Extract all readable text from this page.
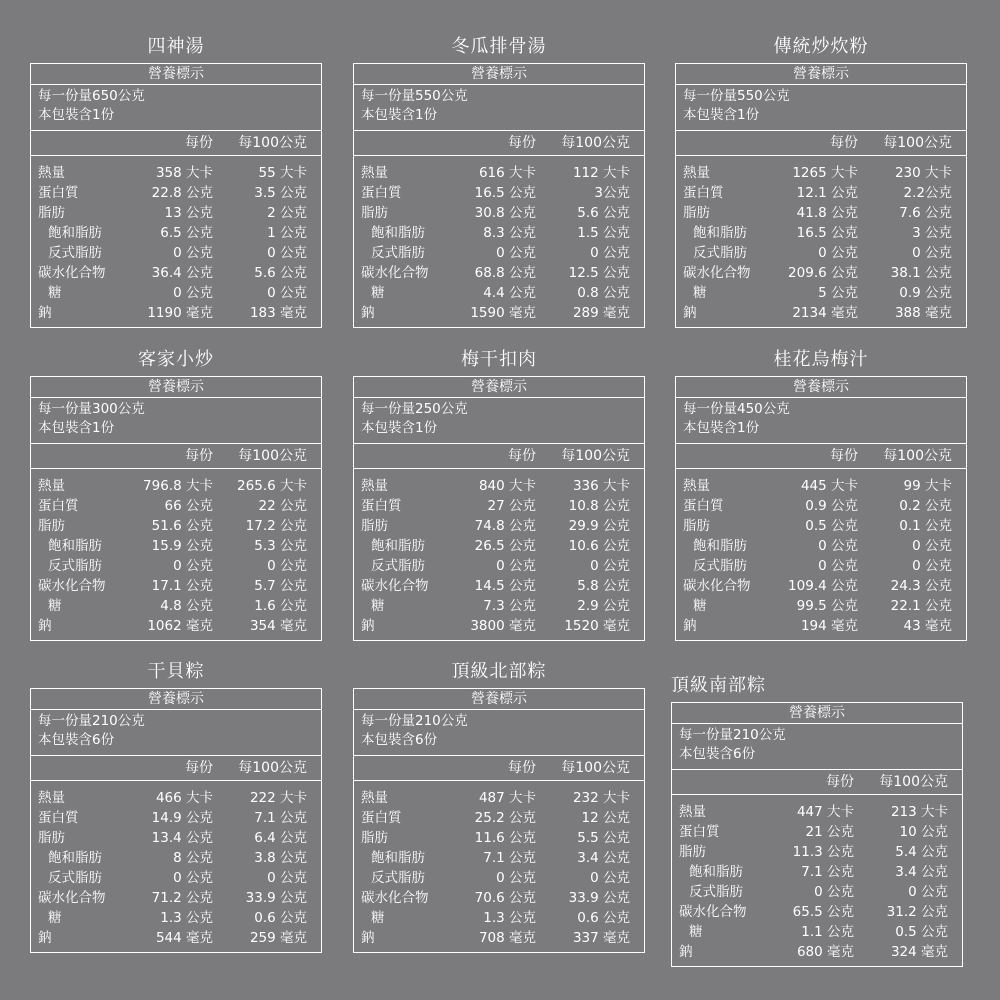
四神湯
營養標示
每一份量650公克
本包裝含1份
每份 每100公克
熱量	358 大卡	55 大卡
蛋白質	22.8 公克	3.5 公克
脂肪	13 公克	2 公克
飽和脂肪	6.5 公克	1 公克
反式脂肪	0 公克	0 公克
碳水化合物	36.4 公克	5.6 公克
糖	0 公克	0 公克
鈉	1190 毫克	183 毫克
冬瓜排骨湯
營養標示
每一份量550公克
本包裝含1份
每份 每100公克
熱量	616 大卡	112 大卡
蛋白質	16.5 公克	3公克
脂肪	30.8 公克	5.6 公克
飽和脂肪	8.3 公克	1.5 公克
反式脂肪	0 公克	0 公克
碳水化合物	68.8 公克 12.5 公克
糖	4.4 公克	0.8 公克
鈉	1590 毫克	289 毫克
傳統炒炊粉
營養標示
每一份量550公克
本包裝含1份
每份 每100公克
熱量	1265 大卡	230 大卡
蛋白質	12.1 公克	2.2公克
脂肪	41.8 公克	7.6 公克
飽和脂肪	16.5 公克	3 公克
反式脂肪	0 公克	0 公克
碳水化合物	209.6 公克 38.1 公克
糖	5 公克	0.9 公克
鈉	2134 毫克	388 毫克
客家小炒
營養標示
每一份量300公克
本包裝含1份
每份 每100公克
熱量	796.8 大卡 265.6 大卡
蛋白質	66 公克	22 公克
脂肪	51.6 公克 17.2 公克
飽和脂肪	15.9 公克	5.3 公克
反式脂肪	0 公克	0 公克
碳水化合物	17.1 公克	5.7 公克
糖	4.8 公克	1.6 公克
鈉	1062 毫克	354 毫克
梅干扣肉
營養標示
每一份量250公克
本包裝含1份
每份 每100公克
熱量	840 大卡	336 大卡
蛋白質	27 公克 10.8 公克
脂肪	74.8 公克 29.9 公克
飽和脂肪	26.5 公克 10.6 公克
反式脂肪	0 公克	0 公克
碳水化合物	14.5 公克	5.8 公克
糖	7.3 公克	2.9 公克
鈉	3800 毫克 1520 毫克
桂花烏梅汁
營養標示
每一份量450公克
本包裝含1份
每份 每100公克
熱量	445 大卡	99 大卡
蛋白質	0.9 公克	0.2 公克
脂肪	0.5 公克	0.1 公克
飽和脂肪	0 公克	0 公克
反式脂肪	0 公克	0 公克
碳水化合物	109.4 公克 24.3 公克
糖	99.5 公克 22.1 公克
鈉	194 毫克	43 毫克
干貝粽
營養標示
每一份量210公克
本包裝含6份
每份 每100公克
熱量	466 大卡	222 大卡
蛋白質	14.9 公克	7.1 公克
脂肪	13.4 公克	6.4 公克
飽和脂肪	8 公克	3.8 公克
反式脂肪	0 公克	0 公克
碳水化合物	71.2 公克 33.9 公克
糖	1.3 公克	0.6 公克
鈉	544 毫克	259 毫克
頂級北部粽
營養標示
每一份量210公克
本包裝含6份
每份 每100公克
熱量	487 大卡	232 大卡
蛋白質	25.2 公克	12 公克
脂肪	11.6 公克	5.5 公克
飽和脂肪	7.1 公克	3.4 公克
反式脂肪	0 公克	0 公克
碳水化合物	70.6 公克 33.9 公克
糖	1.3 公克	0.6 公克
鈉	708 毫克	337 毫克
頂級南部粽
營養標示
每一份量210公克
本包裝含6份
每份 每100公克
熱量	447 大卡	213 大卡
蛋白質	21 公克	10 公克
脂肪	11.3 公克	5.4 公克
飽和脂肪	7.1 公克	3.4 公克
反式脂肪	0 公克	0 公克
碳水化合物	65.5 公克 31.2 公克
糖	1.1 公克	0.5 公克
鈉	680 毫克	324 毫克
